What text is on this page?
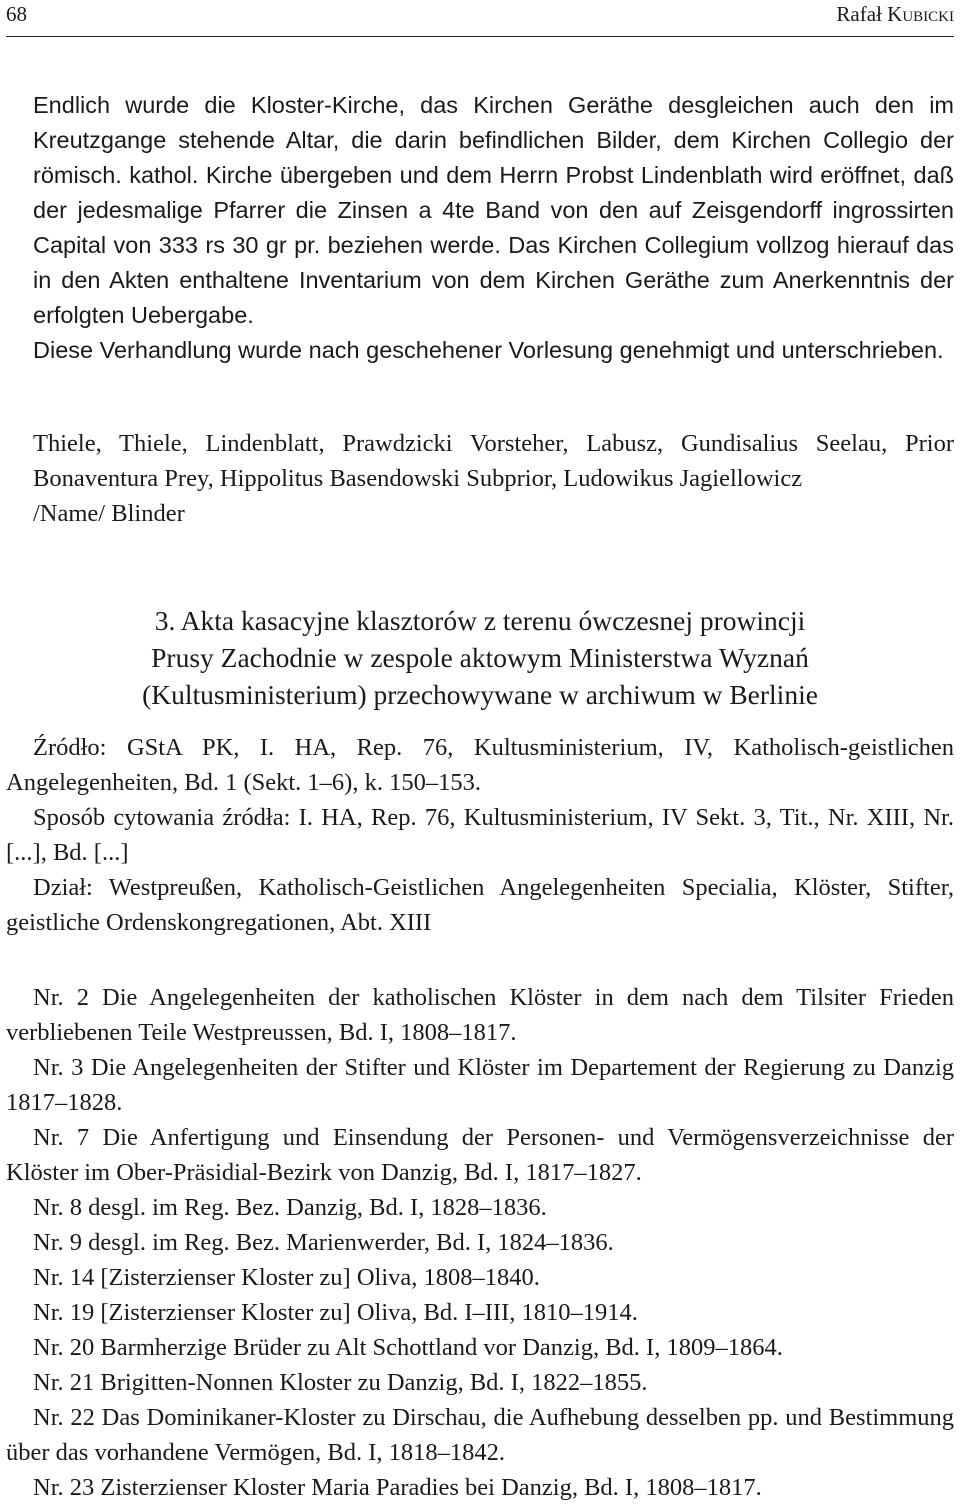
68	Rafał Kubicki

Endlich wurde die Kloster-Kirche, das Kirchen Geräthe desgleichen auch den im Kreutzgange stehende Altar, die darin befindlichen Bilder, dem Kirchen Collegio der römisch. kathol. Kirche übergeben und dem Herrn Probst Lindenblath wird eröffnet, daß der jedesmalige Pfarrer die Zinsen a 4te Band von den auf Zeisgendorff ingrossirten Capital von 333 rs 30 gr pr. beziehen werde. Das Kirchen Collegium vollzog hierauf das in den Akten enthaltene Inventarium von dem Kirchen Geräthe zum Anerkenntnis der erfolgten Uebergabe.

Diese Verhandlung wurde nach geschehener Vorlesung genehmigt und unterschrieben.

Thiele, Thiele, Lindenblatt, Prawdzicki Vorsteher, Labusz, Gundisalius Seelau, Prior Bonaventura Prey, Hippolitus Basendowski Subprior, Ludowikus Jagiellowicz

/Name/ Blinder

3. Akta kasacyjne klasztorów z terenu ówczesnej prowincji
Prusy Zachodnie w zespole aktowym Ministerstwa Wyznań
(Kultusministerium) przechowywane w archiwum w Berlinie

Źródło: GStA PK, I. HA, Rep. 76, Kultusministerium, IV, Katholisch-geistlichen Angelegenheiten, Bd. 1 (Sekt. 1–6), k. 150–153.

Sposób cytowania źródła: I. HA, Rep. 76, Kultusministerium, IV Sekt. 3, Tit., Nr. XIII, Nr. [...], Bd. [...]

Dział: Westpreußen, Katholisch-Geistlichen Angelegenheiten Specialia, Klöster, Stifter, geistliche Ordenskongregationen, Abt. XIII

Nr. 2 Die Angelegenheiten der katholischen Klöster in dem nach dem Tilsiter Frieden verbliebenen Teile Westpreussen, Bd. I, 1808–1817.

Nr. 3 Die Angelegenheiten der Stifter und Klöster im Departement der Regierung zu Danzig 1817–1828.

Nr. 7 Die Anfertigung und Einsendung der Personen- und Vermögensverzeichnisse der Klöster im Ober-Präsidial-Bezirk von Danzig, Bd. I, 1817–1827.

Nr. 8 desgl. im Reg. Bez. Danzig, Bd. I, 1828–1836.

Nr. 9 desgl. im Reg. Bez. Marienwerder, Bd. I, 1824–1836.

Nr. 14 [Zisterzienser Kloster zu] Oliva, 1808–1840.

Nr. 19 [Zisterzienser Kloster zu] Oliva, Bd. I–III, 1810–1914.

Nr. 20 Barmherzige Brüder zu Alt Schottland vor Danzig, Bd. I, 1809–1864.

Nr. 21 Brigitten-Nonnen Kloster zu Danzig, Bd. I, 1822–1855.

Nr. 22 Das Dominikaner-Kloster zu Dirschau, die Aufhebung desselben pp. und Bestimmung über das vorhandene Vermögen, Bd. I, 1818–1842.

Nr. 23 Zisterzienser Kloster Maria Paradies bei Danzig, Bd. I, 1808–1817.
